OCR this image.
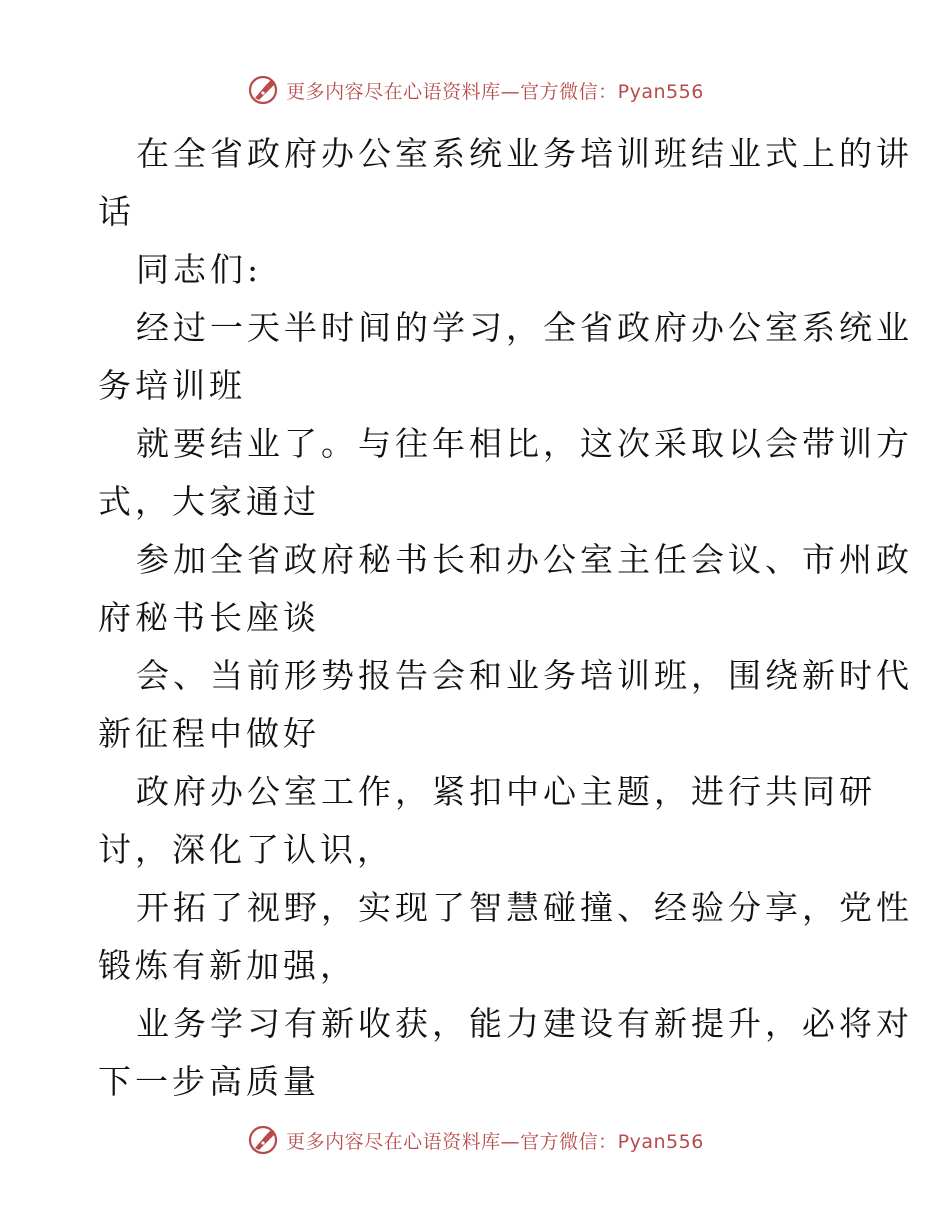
更多内容尽在心语资料库—官方微信：Pyan556

在全省政府办公室系统业务培训班结业式上的讲
话

同志们:

经过一天半时间的学习，全省政府办公室系统业
务培训班

就要结业了。与往年相比，这次采取以会带训方
式，大家通过

参加全省政府秘书长和办公室主任会议、市州政
府秘书长座谈

会、当前形势报告会和业务培训班，围绕新时代
新征程中做好

政府办公室工作，紧扣中心主题，进行共同研
讨，深化了认识，

开拓了视野，实现了智慧碰撞、经验分享，党性
锻炼有新加强，

业务学习有新收获，能力建设有新提升，必将对
下一步高质量

更多内容尽在心语资料库—官方微信：Pyan556
